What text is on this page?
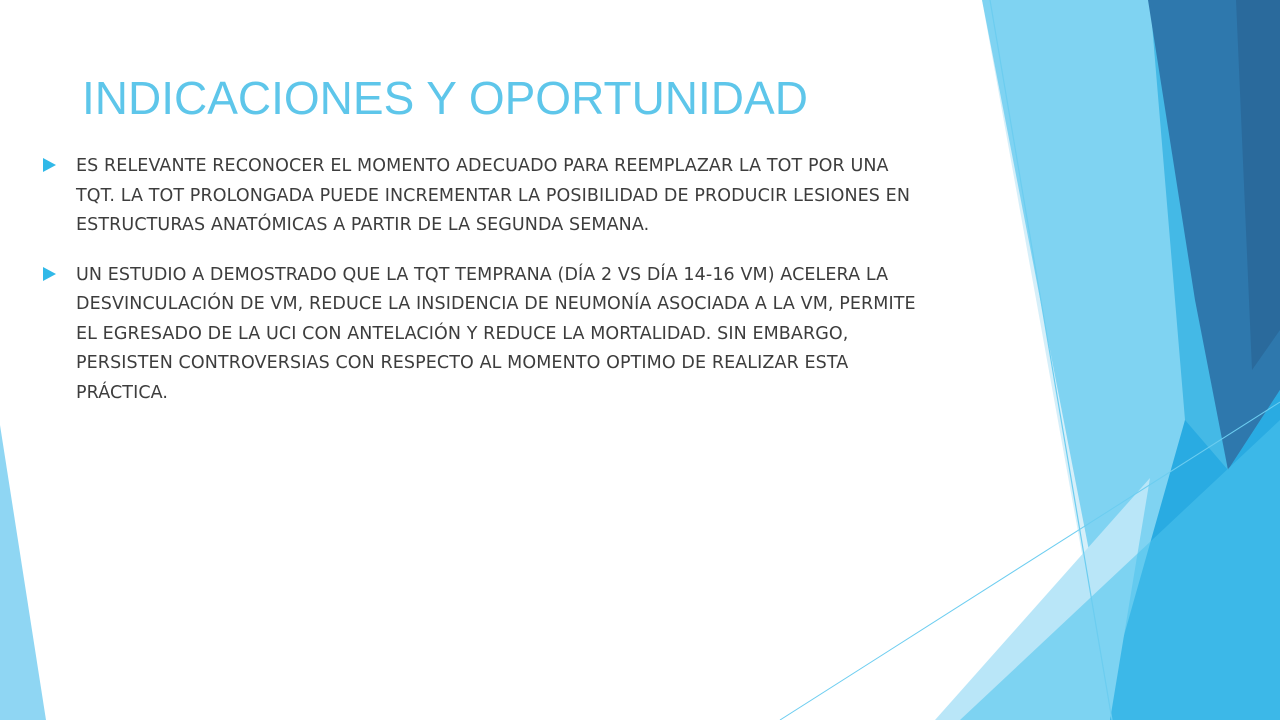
INDICACIONES Y OPORTUNIDAD
ES RELEVANTE RECONOCER EL MOMENTO ADECUADO PARA REEMPLAZAR LA TOT POR UNA TQT. LA TOT PROLONGADA PUEDE INCREMENTAR LA POSIBILIDAD DE PRODUCIR LESIONES EN ESTRUCTURAS ANATÓMICAS A PARTIR DE LA SEGUNDA SEMANA.
UN ESTUDIO A DEMOSTRADO QUE LA TQT TEMPRANA (DÍA 2 VS DÍA 14-16 VM) ACELERA LA DESVINCULACIÓN DE VM, REDUCE LA INSIDENCIA DE NEUMONÍA ASOCIADA A LA VM, PERMITE EL EGRESADO DE LA UCI CON ANTELACIÓN Y REDUCE LA MORTALIDAD. SIN EMBARGO, PERSISTEN CONTROVERSIAS CON RESPECTO AL MOMENTO OPTIMO DE REALIZAR ESTA PRÁCTICA.
